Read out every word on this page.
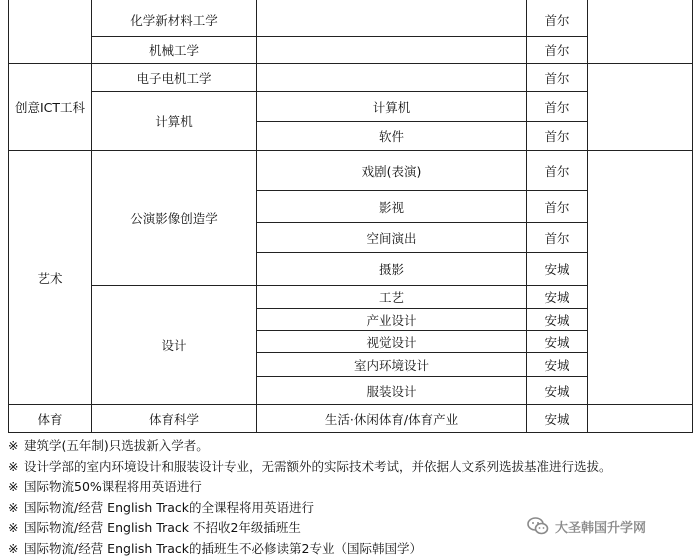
创意ICT工科
艺术
体育
化学新材料工学
机械工学
电子电机工学
计算机
公演影像创造学
设计
体育科学
计算机
软件
戏剧(表演)
影视
空间演出
摄影
工艺
产业设计
视觉设计
室内环境设计
服装设计
生活·休闲体育/体育产业
首尔
首尔
首尔
首尔
首尔
首尔
首尔
首尔
安城
安城
安城
安城
安城
安城
安城
※ 建筑学(五年制)只选拔新入学者。
※ 设计学部的室内环境设计和服装设计专业，无需额外的实际技术考试，并依据人文系列选拔基准进行选拔。
※ 国际物流50%课程将用英语进行
※ 国际物流/经营 English Track的全课程将用英语进行
※ 国际物流/经营 English Track 不招收2年级插班生
※ 国际物流/经营 English Track的插班生不必修读第2专业（国际韩国学）
大圣韩国升学网
